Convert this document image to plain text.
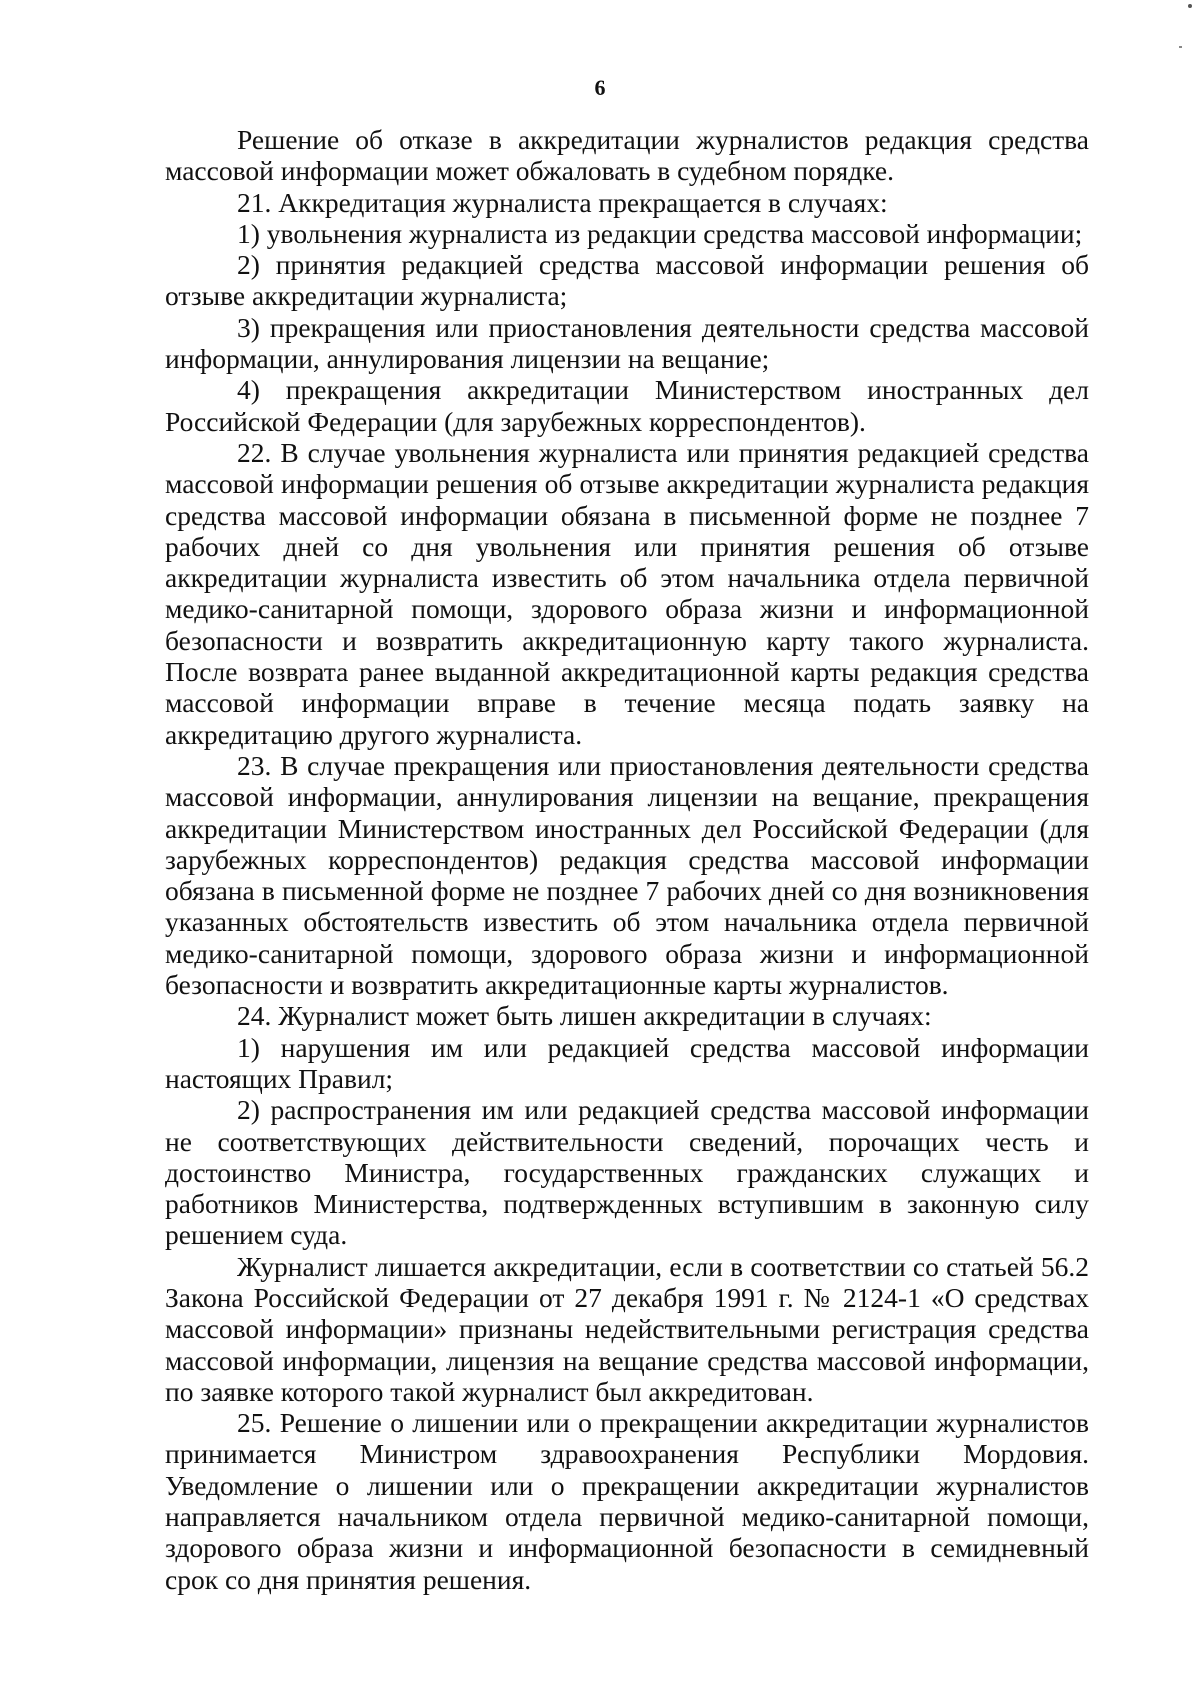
6

Решение об отказе в аккредитации журналистов редакция средства массовой информации может обжаловать в судебном порядке.

21. Аккредитация журналиста прекращается в случаях:

1) увольнения журналиста из редакции средства массовой информации;

2) принятия редакцией средства массовой информации решения об отзыве аккредитации журналиста;

3) прекращения или приостановления деятельности средства массовой информации, аннулирования лицензии на вещание;

4) прекращения аккредитации Министерством иностранных дел Российской Федерации (для зарубежных корреспондентов).

22. В случае увольнения журналиста или принятия редакцией средства массовой информации решения об отзыве аккредитации журналиста редакция средства массовой информации обязана в письменной форме не позднее 7 рабочих дней со дня увольнения или принятия решения об отзыве аккредитации журналиста известить об этом начальника отдела первичной медико-санитарной помощи, здорового образа жизни и информационной безопасности и возвратить аккредитационную карту такого журналиста. После возврата ранее выданной аккредитационной карты редакция средства массовой информации вправе в течение месяца подать заявку на аккредитацию другого журналиста.

23. В случае прекращения или приостановления деятельности средства массовой информации, аннулирования лицензии на вещание, прекращения аккредитации Министерством иностранных дел Российской Федерации (для зарубежных корреспондентов) редакция средства массовой информации обязана в письменной форме не позднее 7 рабочих дней со дня возникновения указанных обстоятельств известить об этом начальника отдела первичной медико-санитарной помощи, здорового образа жизни и информационной безопасности и возвратить аккредитационные карты журналистов.

24. Журналист может быть лишен аккредитации в случаях:

1) нарушения им или редакцией средства массовой информации настоящих Правил;

2) распространения им или редакцией средства массовой информации не соответствующих действительности сведений, порочащих честь и достоинство Министра, государственных гражданских служащих и работников Министерства, подтвержденных вступившим в законную силу решением суда.

Журналист лишается аккредитации, если в соответствии со статьей 56.2 Закона Российской Федерации от 27 декабря 1991 г. № 2124-1 «О средствах массовой информации» признаны недействительными регистрация средства массовой информации, лицензия на вещание средства массовой информации, по заявке которого такой журналист был аккредитован.

25. Решение о лишении или о прекращении аккредитации журналистов принимается Министром здравоохранения Республики Мордовия. Уведомление о лишении или о прекращении аккредитации журналистов направляется начальником отдела первичной медико-санитарной помощи, здорового образа жизни и информационной безопасности в семидневный срок со дня принятия решения.
